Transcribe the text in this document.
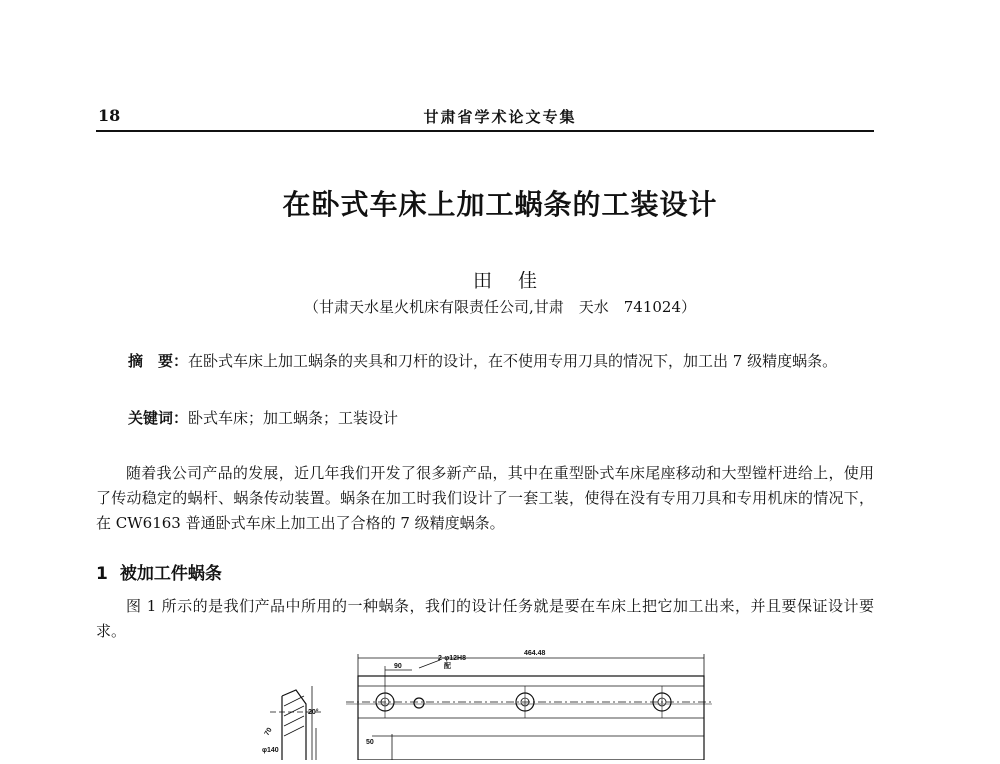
18	甘肃省学术论文专集
在卧式车床上加工蜗条的工装设计
田 佳
（甘肃天水星火机床有限责任公司,甘肃　天水　741024）
摘　要：在卧式车床上加工蜗条的夹具和刀杆的设计，在不使用专用刀具的情况下，加工出 7 级精度蜗条。
关键词：卧式车床；加工蜗条；工装设计
随着我公司产品的发展，近几年我们开发了很多新产品，其中在重型卧式车床尾座移动和大型镗杆进给上，使用了传动稳定的蜗杆、蜗条传动装置。蜗条在加工时我们设计了一套工装，使得在没有专用刀具和专用机床的情况下，在 CW6163 普通卧式车床上加工出了合格的 7 级精度蜗条。
1 被加工件蜗条
图 1 所示的是我们产品中所用的一种蜗条，我们的设计任务就是要在车床上把它加工出来，并且要保证设计要求。
464.48
90
2-φ12H8
配
φ140
20°
70
50
